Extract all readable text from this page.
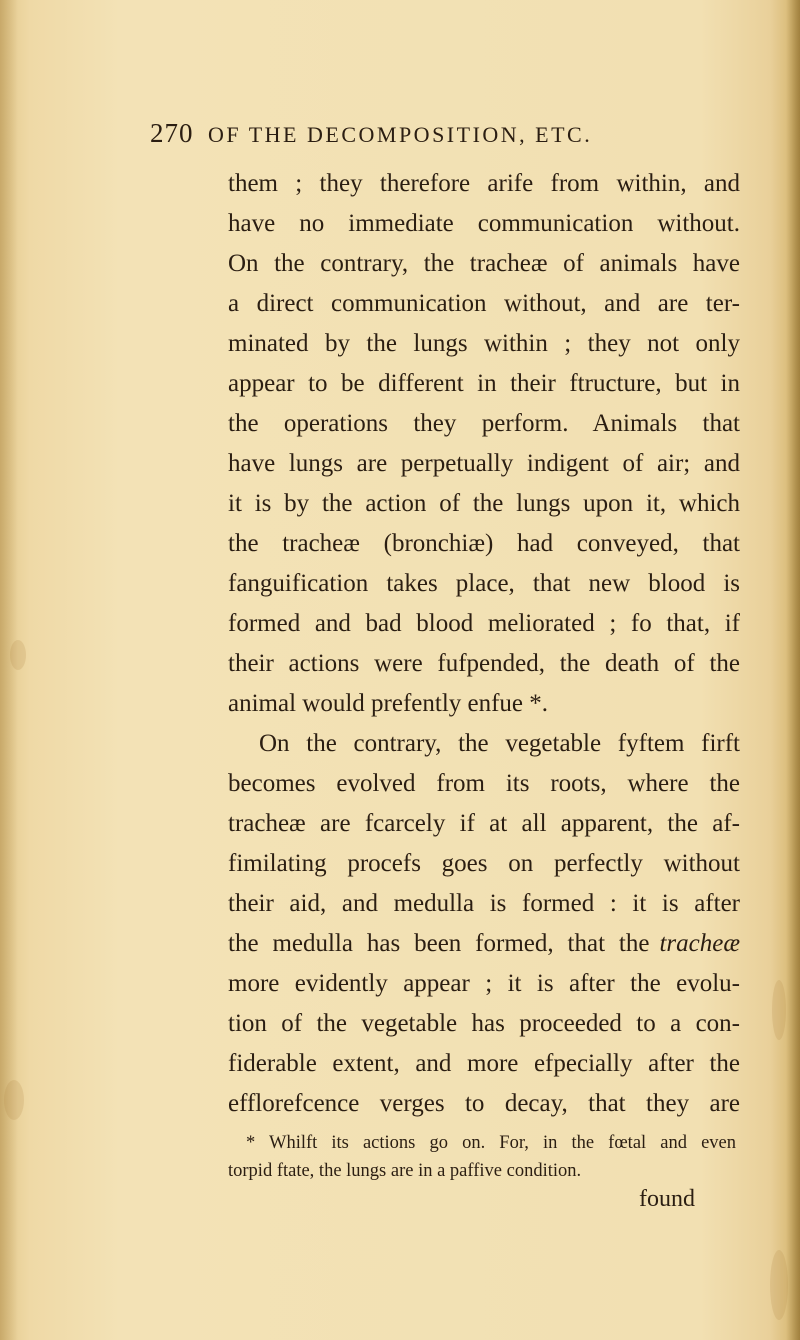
270 OF THE DECOMPOSITION, ETC.
them ; they therefore arife from within, and
have no immediate communication without.
On the contrary, the tracheæ of animals have
a direct communication without, and are ter-
minated by the lungs within ; they not only
appear to be different in their ftructure, but in
the operations they perform. Animals that
have lungs are perpetually indigent of air; and
it is by the action of the lungs upon it, which
the tracheæ (bronchiæ) had conveyed, that
fanguification takes place, that new blood is
formed and bad blood meliorated ; fo that, if
their actions were fufpended, the death of the
animal would prefently enfue *.
On the contrary, the vegetable fyftem firft
becomes evolved from its roots, where the
tracheæ are fcarcely if at all apparent, the af-
fimilating procefs goes on perfectly without
their aid, and medulla is formed : it is after
the medulla has been formed, that the tracheæ
more evidently appear ; it is after the evolu-
tion of the vegetable has proceeded to a con-
fiderable extent, and more efpecially after the
efflorefcence verges to decay, that they are
* Whilft its actions go on. For, in the fœtal and even
torpid ftate, the lungs are in a paffive condition.
found
